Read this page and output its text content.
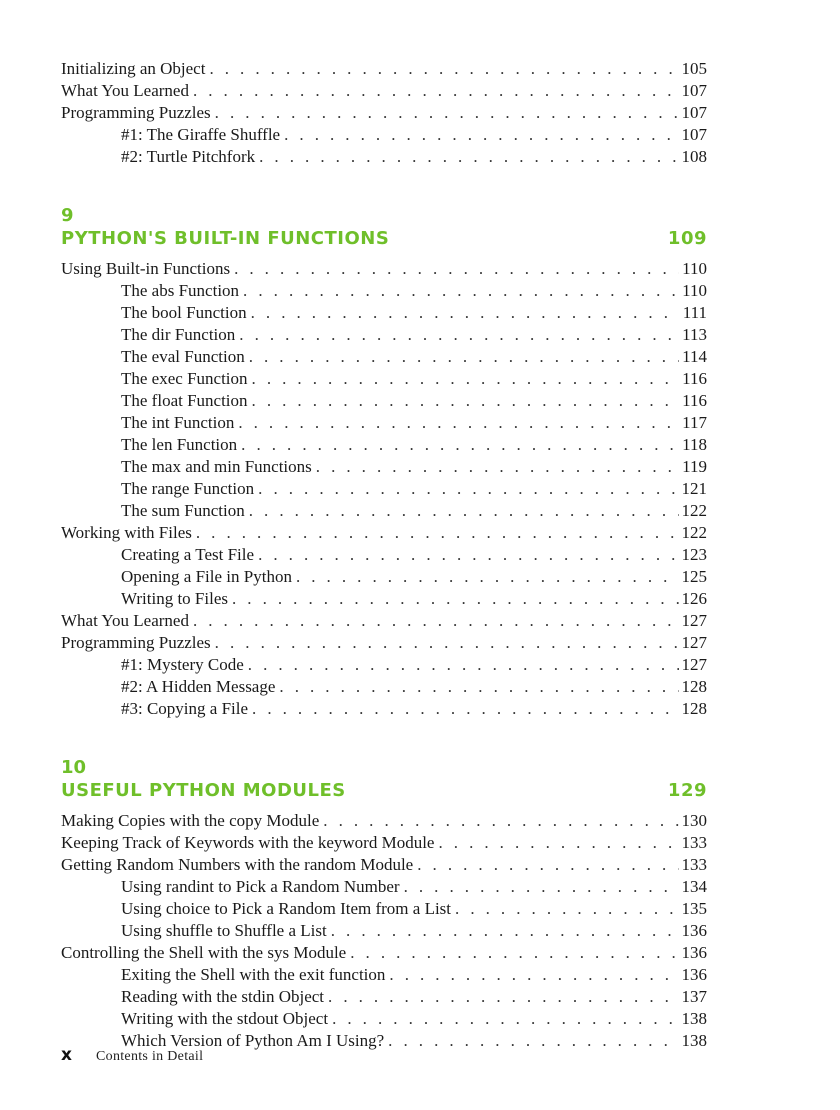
Initializing an Object . . .	105
What You Learned . . .	107
Programming Puzzles . . .	107
#1: The Giraffe Shuffle . . .	107
#2: Turtle Pitchfork . . .	108
9
PYTHON'S BUILT-IN FUNCTIONS	109
Using Built-in Functions . . .	110
The abs Function . . .	110
The bool Function . . .	111
The dir Function . . .	113
The eval Function . . .	114
The exec Function . . .	116
The float Function . . .	116
The int Function . . .	117
The len Function . . .	118
The max and min Functions . . .	119
The range Function . . .	121
The sum Function . . .	122
Working with Files . . .	122
Creating a Test File . . .	123
Opening a File in Python . . .	125
Writing to Files . . .	126
What You Learned . . .	127
Programming Puzzles . . .	127
#1: Mystery Code . . .	127
#2: A Hidden Message . . .	128
#3: Copying a File . . .	128
10
USEFUL PYTHON MODULES	129
Making Copies with the copy Module . . .	130
Keeping Track of Keywords with the keyword Module . . .	133
Getting Random Numbers with the random Module . . .	133
Using randint to Pick a Random Number . . .	134
Using choice to Pick a Random Item from a List . . .	135
Using shuffle to Shuffle a List . . .	136
Controlling the Shell with the sys Module . . .	136
Exiting the Shell with the exit function . . .	136
Reading with the stdin Object . . .	137
Writing with the stdout Object . . .	138
Which Version of Python Am I Using? . . .	138
x	Contents in Detail
